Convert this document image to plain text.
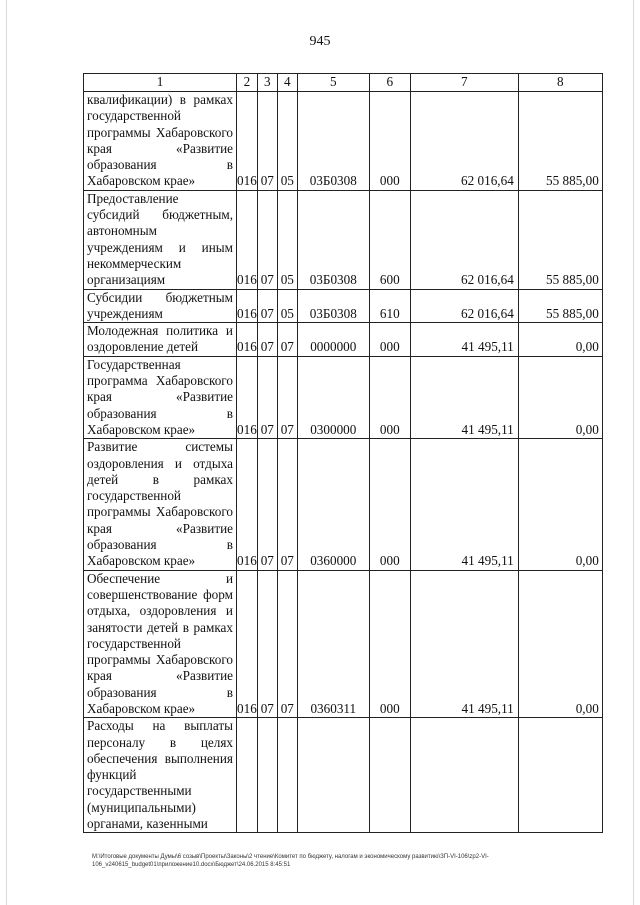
945
1	2	3	4	5	6	7	8
квалификации) в рамках государственной программы Хабаровского края «Развитие образования в Хабаровском крае»	016	07	05	03Б0308	000	62 016,64	55 885,00
Предоставление субсидий бюджетным, автономным учреждениям и иным некоммерческим организациям	016	07	05	03Б0308	600	62 016,64	55 885,00
Субсидии бюджетным учреждениям	016	07	05	03Б0308	610	62 016,64	55 885,00
Молодежная политика и оздоровление детей	016	07	07	0000000	000	41 495,11	0,00
Государственная программа Хабаровского края «Развитие образования в Хабаровском крае»	016	07	07	0300000	000	41 495,11	0,00
Развитие системы оздоровления и отдыха детей в рамках государственной программы Хабаровского края «Развитие образования в Хабаровском крае»	016	07	07	0360000	000	41 495,11	0,00
Обеспечение и совершенствование форм отдыха, оздоровления и занятости детей в рамках государственной программы Хабаровского края «Развитие образования в Хабаровском крае»	016	07	07	0360311	000	41 495,11	0,00
Расходы на выплаты персоналу в целях обеспечения выполнения функций государственными (муниципальными) органами, казенными							
M:\Итоговые документы Думы\6 созыв\Проекты\Законы\2 чтение\Комитет по бюджету, налогам и экономическому развитию\ЗП-VI-106\zp2-VI-106_v240615_budget01\приложение10.docx\Бюджет\24.06.2015 8:45:51
